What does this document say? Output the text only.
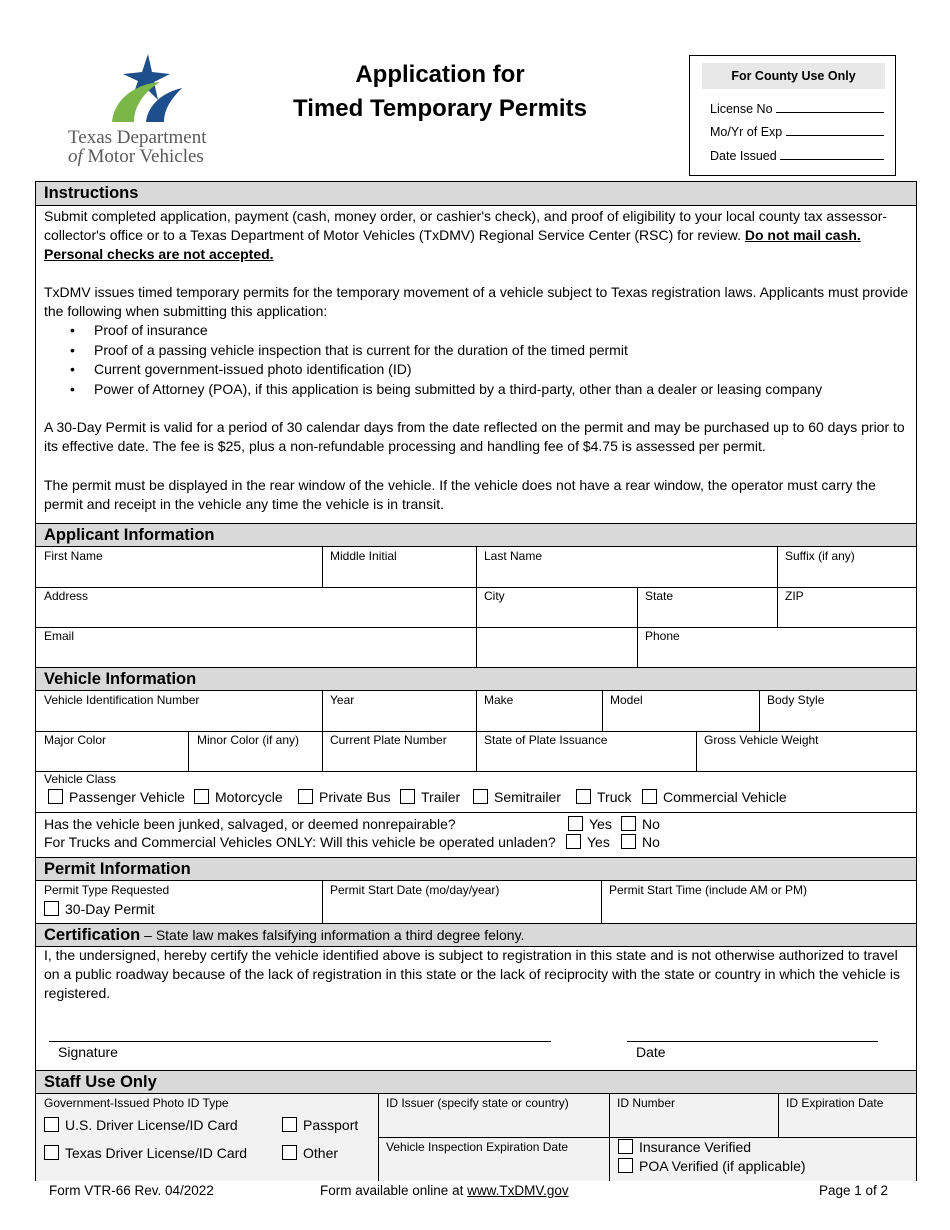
Texas Department
of Motor Vehicles
Application for
Timed Temporary Permits
For County Use Only
License No
Mo/Yr of Exp
Date Issued
Instructions
Submit completed application, payment (cash, money order, or cashier's check), and proof of eligibility to your local county tax assessor-collector's office or to a Texas Department of Motor Vehicles (TxDMV) Regional Service Center (RSC) for review. Do not mail cash. Personal checks are not accepted.
TxDMV issues timed temporary permits for the temporary movement of a vehicle subject to Texas registration laws. Applicants must provide the following when submitting this application:
• Proof of insurance
• Proof of a passing vehicle inspection that is current for the duration of the timed permit
• Current government-issued photo identification (ID)
• Power of Attorney (POA), if this application is being submitted by a third-party, other than a dealer or leasing company
A 30-Day Permit is valid for a period of 30 calendar days from the date reflected on the permit and may be purchased up to 60 days prior to its effective date. The fee is $25, plus a non-refundable processing and handling fee of $4.75 is assessed per permit.
The permit must be displayed in the rear window of the vehicle. If the vehicle does not have a rear window, the operator must carry the permit and receipt in the vehicle any time the vehicle is in transit.
Applicant Information
First Name	Middle Initial	Last Name	Suffix (if any)
Address	City	State	ZIP
Email	Phone
Vehicle Information
Vehicle Identification Number	Year	Make	Model	Body Style
Major Color	Minor Color (if any)	Current Plate Number	State of Plate Issuance	Gross Vehicle Weight
Vehicle Class
Passenger Vehicle	Motorcycle	Private Bus	Trailer	Semitrailer	Truck	Commercial Vehicle
Has the vehicle been junked, salvaged, or deemed nonrepairable?	Yes	No
For Trucks and Commercial Vehicles ONLY: Will this vehicle be operated unladen?	Yes	No
Permit Information
Permit Type Requested
30-Day Permit
Permit Start Date (mo/day/year)	Permit Start Time (include AM or PM)
Certification – State law makes falsifying information a third degree felony.
I, the undersigned, hereby certify the vehicle identified above is subject to registration in this state and is not otherwise authorized to travel on a public roadway because of the lack of registration in this state or the lack of reciprocity with the state or country in which the vehicle is registered.
Signature	Date
Staff Use Only
Government-Issued Photo ID Type
U.S. Driver License/ID Card	Passport
Texas Driver License/ID Card	Other
ID Issuer (specify state or country)	ID Number	ID Expiration Date
Vehicle Inspection Expiration Date	Insurance Verified
POA Verified (if applicable)
Form VTR-66 Rev. 04/2022	Form available online at www.TxDMV.gov	Page 1 of 2
